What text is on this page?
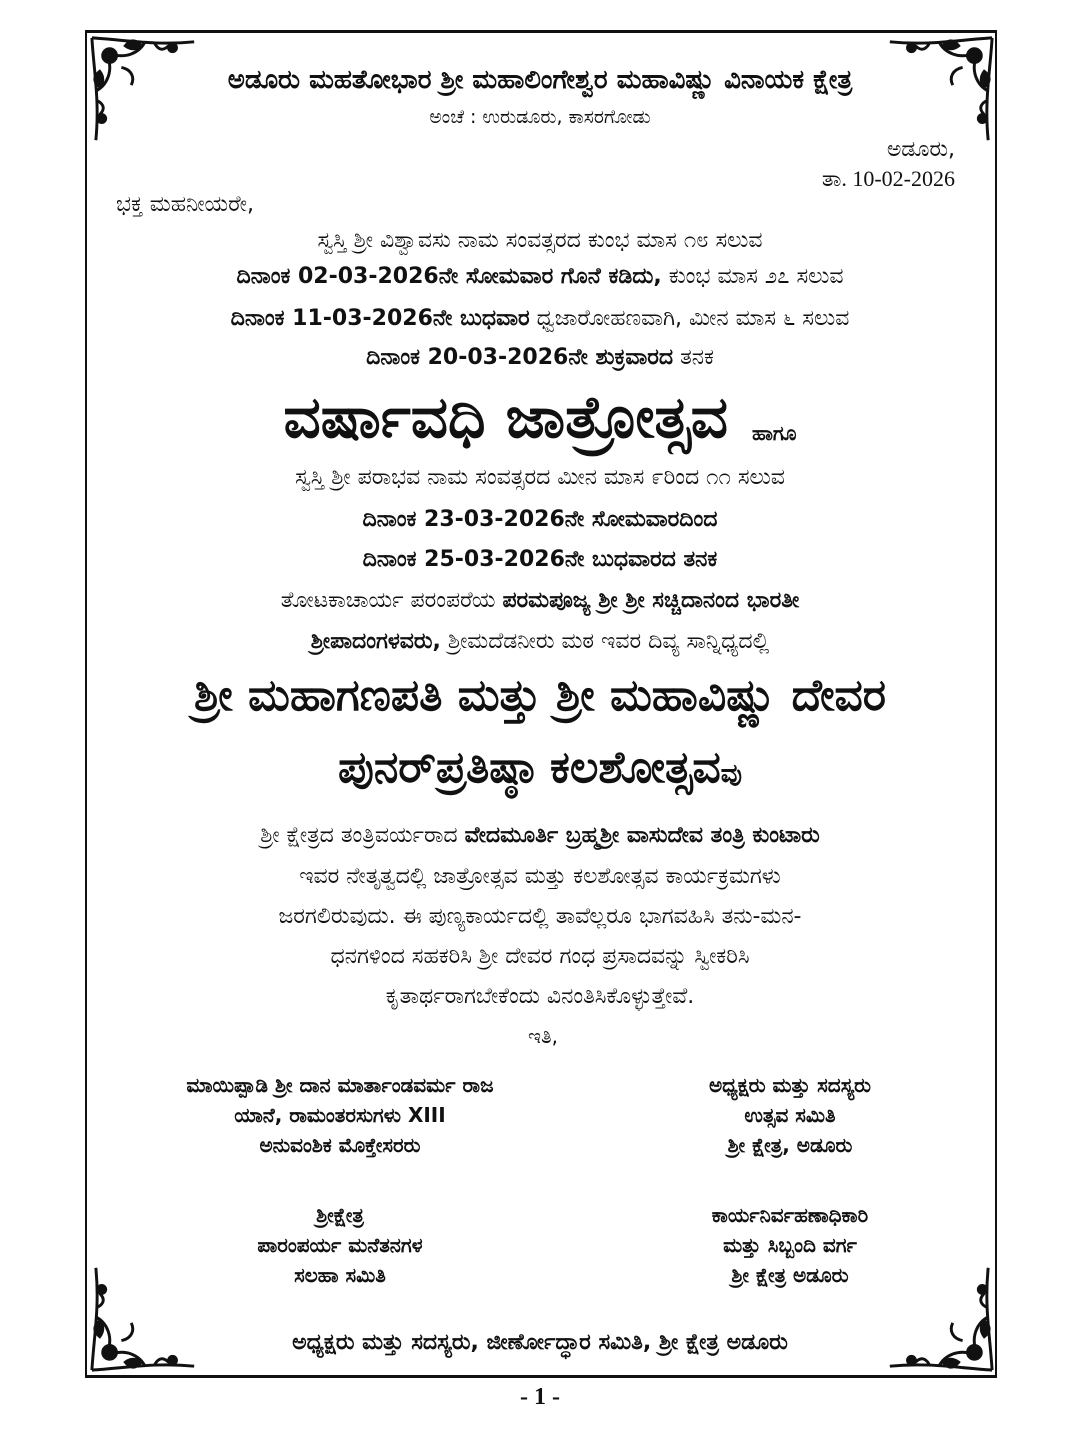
ಅಡೂರು ಮಹತೋಭಾರ ಶ್ರೀ ಮಹಾಲಿಂಗೇಶ್ವರ ಮಹಾವಿಷ್ಣು ವಿನಾಯಕ ಕ್ಷೇತ್ರ
ಅಂಚೆ : ಉರುಡೂರು, ಕಾಸರಗೋಡು
ಅಡೂರು,
ತಾ. 10-02-2026
ಭಕ್ತ ಮಹನೀಯರೇ,
ಸ್ವಸ್ತಿ ಶ್ರೀ ವಿಶ್ವಾವಸು ನಾಮ ಸಂವತ್ಸರದ ಕುಂಭ ಮಾಸ ೧೮ ಸಲುವ
ದಿನಾಂಕ 02-03-2026ನೇ ಸೋಮವಾರ ಗೊನೆ ಕಡಿದು, ಕುಂಭ ಮಾಸ ೨೭ ಸಲುವ
ದಿನಾಂಕ 11-03-2026ನೇ ಬುಧವಾರ ಧ್ವಜಾರೋಹಣವಾಗಿ, ಮೀನ ಮಾಸ ೬ ಸಲುವ
ದಿನಾಂಕ 20-03-2026ನೇ ಶುಕ್ರವಾರದ ತನಕ
ವರ್ಷಾವಧಿ ಜಾತ್ರೋತ್ಸವ ಹಾಗೂ
ಸ್ವಸ್ತಿ ಶ್ರೀ ಪರಾಭವ ನಾಮ ಸಂವತ್ಸರದ ಮೀನ ಮಾಸ ೯ರಿಂದ ೧೧ ಸಲುವ
ದಿನಾಂಕ 23-03-2026ನೇ ಸೋಮವಾರದಿಂದ
ದಿನಾಂಕ 25-03-2026ನೇ ಬುಧವಾರದ ತನಕ
ತೋಟಕಾಚಾರ್ಯ ಪರಂಪರೆಯ ಪರಮಪೂಜ್ಯ ಶ್ರೀ ಶ್ರೀ ಸಚ್ಚಿದಾನಂದ ಭಾರತೀ
ಶ್ರೀಪಾದಂಗಳವರು, ಶ್ರೀಮದೆಡನೀರು ಮಠ ಇವರ ದಿವ್ಯ ಸಾನ್ನಿಧ್ಯದಲ್ಲಿ
ಶ್ರೀ ಮಹಾಗಣಪತಿ ಮತ್ತು ಶ್ರೀ ಮಹಾವಿಷ್ಣು ದೇವರ
ಪುನರ್‌ಪ್ರತಿಷ್ಠಾ ಕಲಶೋತ್ಸವವು
ಶ್ರೀ ಕ್ಷೇತ್ರದ ತಂತ್ರಿವರ್ಯರಾದ ವೇದಮೂರ್ತಿ ಬ್ರಹ್ಮಶ್ರೀ ವಾಸುದೇವ ತಂತ್ರಿ ಕುಂಟಾರು
ಇವರ ನೇತೃತ್ವದಲ್ಲಿ ಜಾತ್ರೋತ್ಸವ ಮತ್ತು ಕಲಶೋತ್ಸವ ಕಾರ್ಯಕ್ರಮಗಳು
ಜರಗಲಿರುವುದು. ಈ ಪುಣ್ಯಕಾರ್ಯದಲ್ಲಿ ತಾವೆಲ್ಲರೂ ಭಾಗವಹಿಸಿ ತನು-ಮನ-
ಧನಗಳಿಂದ ಸಹಕರಿಸಿ ಶ್ರೀ ದೇವರ ಗಂಧ ಪ್ರಸಾದವನ್ನು ಸ್ವೀಕರಿಸಿ
ಕೃತಾರ್ಥರಾಗಬೇಕೆಂದು ವಿನಂತಿಸಿಕೊಳ್ಳುತ್ತೇವೆ.
ಇತಿ,
ಮಾಯಿಪ್ಪಾಡಿ ಶ್ರೀ ದಾನ ಮಾರ್ತಾಂಡವರ್ಮ ರಾಜ
ಯಾನೆ, ರಾಮಂತರಸುಗಳು XIII
ಅನುವಂಶಿಕ ಮೊಕ್ತೇಸರರು
ಅಧ್ಯಕ್ಷರು ಮತ್ತು ಸದಸ್ಯರು
ಉತ್ಸವ ಸಮಿತಿ
ಶ್ರೀ ಕ್ಷೇತ್ರ, ಅಡೂರು
ಶ್ರೀಕ್ಷೇತ್ರ
ಪಾರಂಪರ್ಯ ಮನೆತನಗಳ
ಸಲಹಾ ಸಮಿತಿ
ಕಾರ್ಯನಿರ್ವಹಣಾಧಿಕಾರಿ
ಮತ್ತು ಸಿಬ್ಬಂದಿ ವರ್ಗ
ಶ್ರೀ ಕ್ಷೇತ್ರ ಅಡೂರು
ಅಧ್ಯಕ್ಷರು ಮತ್ತು ಸದಸ್ಯರು, ಜೀರ್ಣೋದ್ಧಾರ ಸಮಿತಿ, ಶ್ರೀ ಕ್ಷೇತ್ರ ಅಡೂರು
- 1 -
